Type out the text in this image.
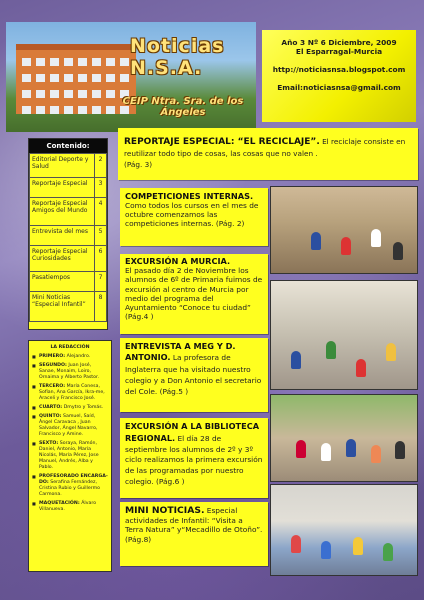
Noticias N.S.A.
CEIP Ntra. Sra. de los Ángeles
Año 3 Nº 6 Diciembre, 2009
El Esparragal-Murcia
http://noticiasnsa.blogspot.com
Email:noticiasnsa@gmail.com
Contenido:
Editorial Deporte y Salud	2
Reportaje Especial	3
Reportaje Especial Amigos del Mundo	4
Entrevista del mes	5
Reportaje Especial Curiosidades	6
Pasatiempos	7
Mini Noticias “Especial Infantil”	8
LA REDACCIÓN
■ PRIMERO: Alejandro.
■ SEGUNDO: Juan José, Sanae, Monaim, Loiro, Ornaima y Alberto Pastor.
■ TERCERO: María Conesa, Sofían, Ana García, Ikra-me, Araceli y Francisco José.
■ CUARTO: Dmytro y Tomás.
■ QUINTO: Samuel, Saíd, Ángel Caravaca , Juan Salvador, Ángel Navarro, Francisco y Amine.
■ SEXTO: Soraya, Ramón, Daniel, Antonio, María Nicolás, María Pérez, Jose Manuel, Andrés, Alba y Pablo.
■ PROFESORADO ENCARGA-DO: Serafina Fernández, Cristina Rubio y Guillermo Carmona.
■ MAQUETACIÓN: Álvaro Villanueva.
REPORTAJE ESPECIAL: “EL RECICLAJE”. El reciclaje consiste en reutilizar todo tipo de cosas, las cosas que no valen .
(Pág. 3)
COMPETICIONES INTERNAS.
Como todos los cursos en el mes de octubre comenzamos las competiciones internas. (Pág. 2)
EXCURSIÓN A MURCIA.
El pasado día 2 de Noviembre los alumnos de 6º de Primaria fuimos de excursión al centro de Murcia por medio del programa del Ayuntamiento “Conoce tu ciudad” (Pág.4 )
ENTREVISTA A MEG Y D. ANTONIO. La profesora de Inglaterra que ha visitado nuestro colegio y a Don Antonio el secretario del Cole. (Pág.5 )
EXCURSIÓN A LA BIBLIOTECA REGIONAL. El día 28 de septiembre los alumnos de 2º y 3º ciclo realizamos la primera excursión de las programadas por nuestro colegio. (Pág.6 )
MINI NOTICIAS. Especial actividades de Infantil: “Visita a Terra Natura” y“Mecadillo de Otoño”. (Pág.8)
